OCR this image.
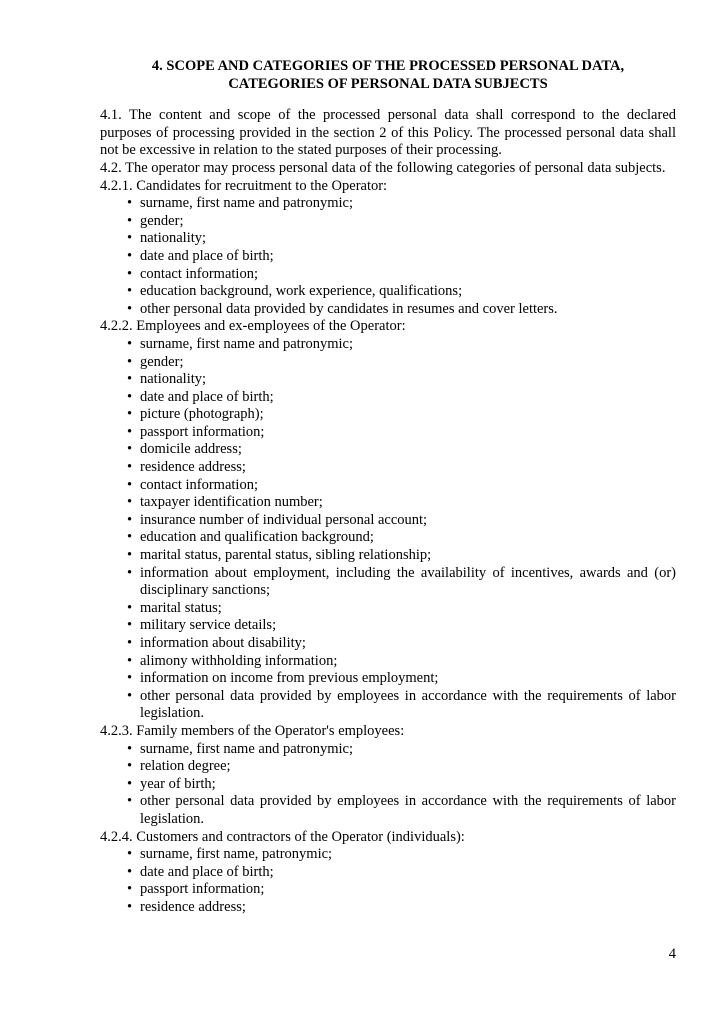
4. SCOPE AND CATEGORIES OF THE PROCESSED PERSONAL DATA,
CATEGORIES OF PERSONAL DATA SUBJECTS

4.1. The content and scope of the processed personal data shall correspond to the declared purposes of processing provided in the section 2 of this Policy. The processed personal data shall not be excessive in relation to the stated purposes of their processing.

4.2. The operator may process personal data of the following categories of personal data subjects.

4.2.1. Candidates for recruitment to the Operator:

• surname, first name and patronymic;
• gender;
• nationality;
• date and place of birth;
• contact information;
• education background, work experience, qualifications;
• other personal data provided by candidates in resumes and cover letters.

4.2.2. Employees and ex-employees of the Operator:

• surname, first name and patronymic;
• gender;
• nationality;
• date and place of birth;
• picture (photograph);
• passport information;
• domicile address;
• residence address;
• contact information;
• taxpayer identification number;
• insurance number of individual personal account;
• education and qualification background;
• marital status, parental status, sibling relationship;
• information about employment, including the availability of incentives, awards and (or) disciplinary sanctions;
• marital status;
• military service details;
• information about disability;
• alimony withholding information;
• information on income from previous employment;
• other personal data provided by employees in accordance with the requirements of labor legislation.

4.2.3. Family members of the Operator's employees:

• surname, first name and patronymic;
• relation degree;
• year of birth;
• other personal data provided by employees in accordance with the requirements of labor legislation.

4.2.4. Customers and contractors of the Operator (individuals):

• surname, first name, patronymic;
• date and place of birth;
• passport information;
• residence address;
4
